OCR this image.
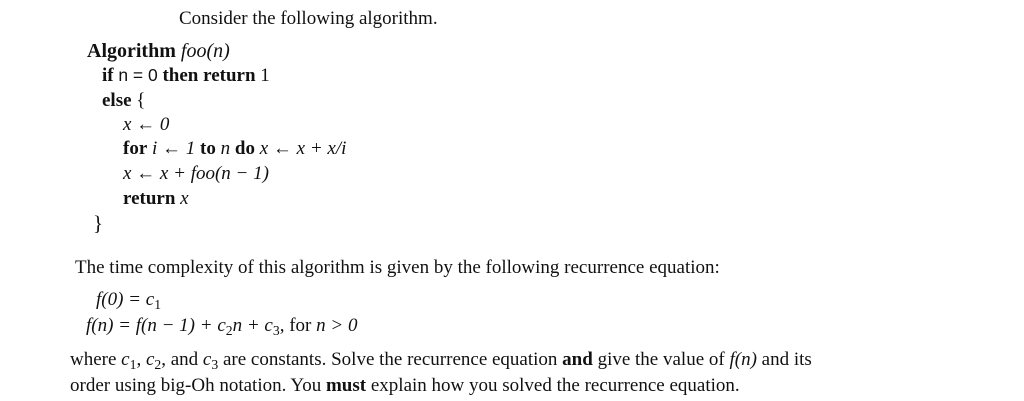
Consider the following algorithm.
Algorithm foo(n)
if n = 0 then return 1
else {
x ← 0
for i ← 1 to n do x ← x + x/i
x ← x + foo(n − 1)
return x
}
The time complexity of this algorithm is given by the following recurrence equation:
$f(0) = c_1$
$f(n) = f(n - 1) + c_2n + c_3$, for n > 0
where $c_1$, $c_2$, and $c_3$ are constants. Solve the recurrence equation and give the value of f(n) and its
order using big-Oh notation. You must explain how you solved the recurrence equation.
